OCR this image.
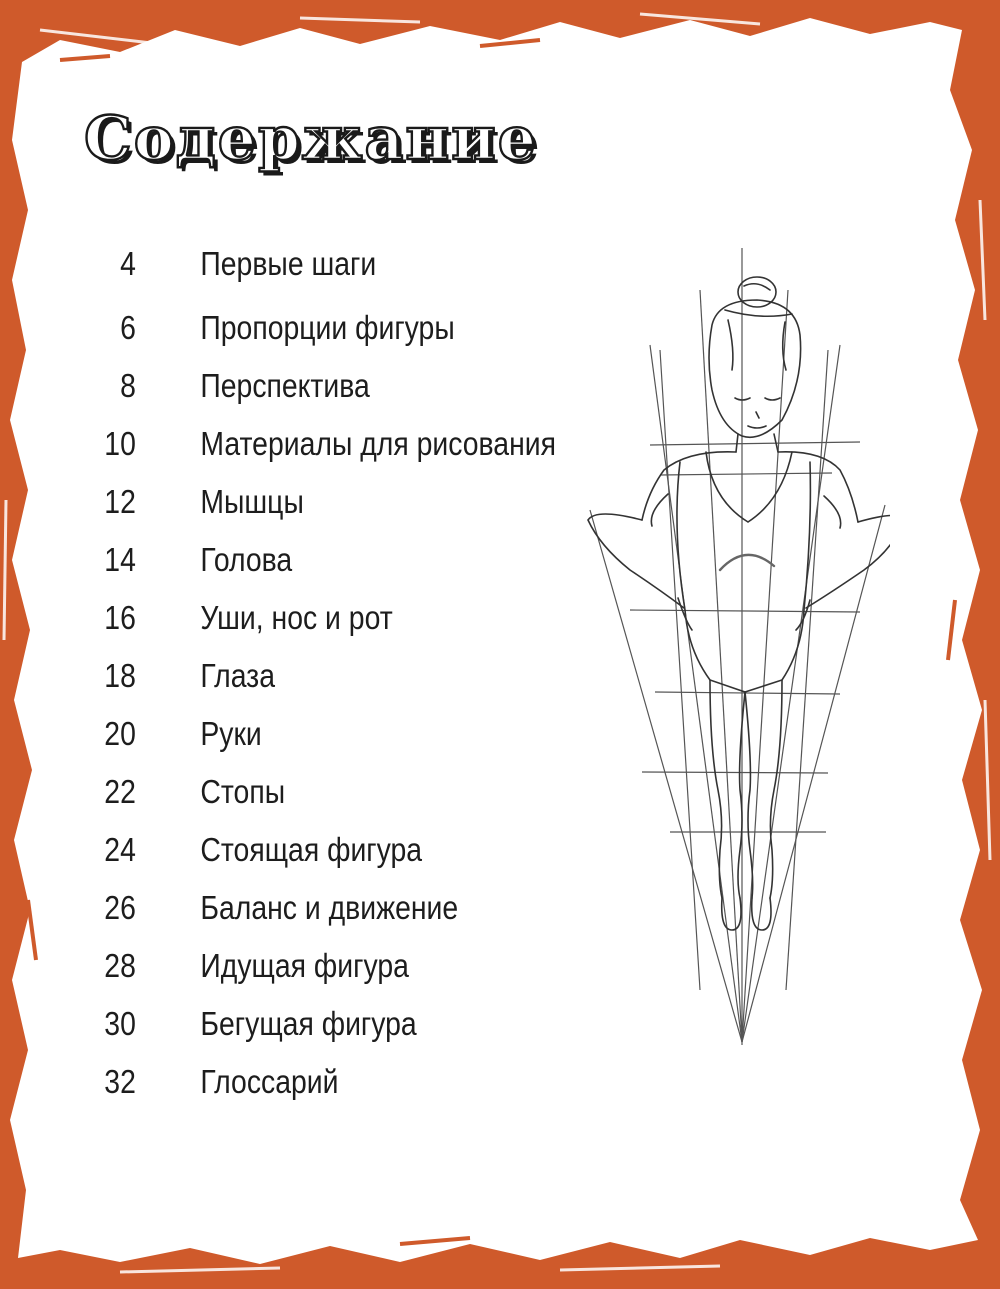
Содержание
4 Первые шаги
6 Пропорции фигуры
8 Перспектива
10 Материалы для рисования
12 Мышцы
14 Голова
16 Уши, нос и рот
18 Глаза
20 Руки
22 Стопы
24 Стоящая фигура
26 Баланс и движение
28 Идущая фигура
30 Бегущая фигура
32 Глоссарий
